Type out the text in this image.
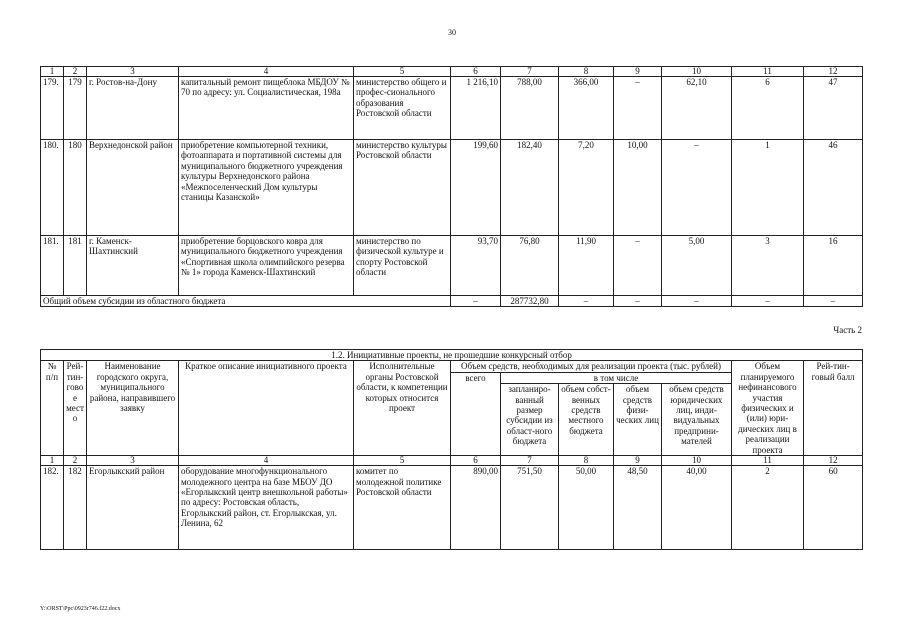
30
1	2	3	4	5	6	7	8	9	10	11	12
179.	179	г. Ростов-на-Дону	капитальный ремонт пищеблока МБДОУ № 70 по адресу: ул. Социалистическая, 198а	министерство общего и профес-сионального образования Ростовской области	1 216,10	788,00	366,00	–	62,10	6	47
180.	180	Верхнедонской район	приобретение компьютерной техники, фотоаппарата и портативной системы для муниципального бюджетного учреждения культуры Верхнедонского района «Межпоселенческий Дом культуры станицы Казанской»	министерство культуры Ростовской области	199,60	182,40	7,20	10,00	–	1	46
181.	181	г. Каменск-Шахтинский	приобретение борцовского ковра для муниципального бюджетного учреждения «Спортивная школа олимпийского резерва № 1» города Каменск-Шахтинский	министерство по физической культуре и спорту Ростовской области	93,70	76,80	11,90	–	5,00	3	16
Общий объем субсидии из областного бюджета					–	287732,80	–	–	–	–	–
Часть 2
1.2. Инициативные проекты, не прошедшие конкурсный отбор											
№ п/п	Рей-тин-говое место	Наименование городского округа, муниципального района, направившего заявку	Краткое описание инициативного проекта	Исполнительные органы Ростовской области, к компетенции которых относится проект	Объем средств, необходимых для реализации проекта (тыс. рублей)					Объем планируемого нефинансового участия физических и (или) юри-дических лиц в реализации проекта	Рей-тин-говый балл
					всего	в том числе					
						запланиро-ванный размер субсидии из област-ного бюджета	объем собст-венных средств местного бюджета	объем средств физи-ческих лиц	объем средств юридических лиц, инди-видуальных предприни-мателей		
1	2	3	4	5	6	7	8	9	10	11	12
182.	182	Егорлыкский район	оборудование многофункционального молодежного центра на базе МБОУ ДО «Егорлыкский центр внешкольной работы» по адресу: Ростовская область, Егорлыкский район, ст. Егорлыкская, ул. Ленина, 62	комитет по молодежной политике Ростовской области	890,00	751,50	50,00	48,50	40,00	2	60
Y:\ORST\Ppc\0923r746.f22.docx
